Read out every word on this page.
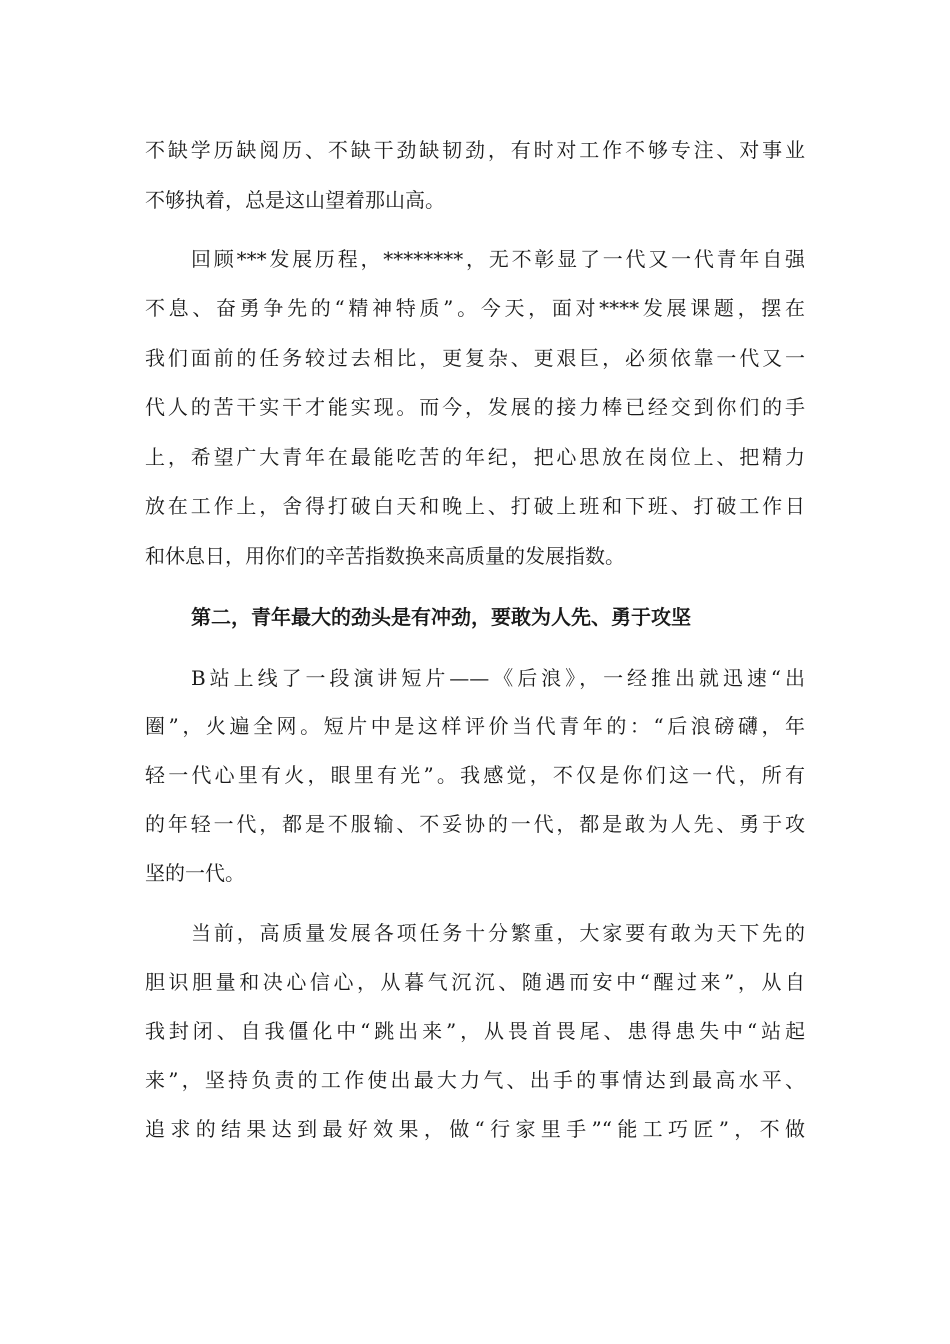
不缺学历缺阅历、不缺干劲缺韧劲，有时对工作不够专注、对事业
不够执着，总是这山望着那山高。
回顾***发展历程，********，无不彰显了一代又一代青年自强
不息、奋勇争先的“精神特质”。今天，面对****发展课题，摆在
我们面前的任务较过去相比，更复杂、更艰巨，必须依靠一代又一
代人的苦干实干才能实现。而今，发展的接力棒已经交到你们的手
上，希望广大青年在最能吃苦的年纪，把心思放在岗位上、把精力
放在工作上，舍得打破白天和晚上、打破上班和下班、打破工作日
和休息日，用你们的辛苦指数换来高质量的发展指数。
第二，青年最大的劲头是有冲劲，要敢为人先、勇于攻坚
B站上线了一段演讲短片——《后浪》，一经推出就迅速“出
圈”，火遍全网。短片中是这样评价当代青年的：“后浪磅礴，年
轻一代心里有火，眼里有光”。我感觉，不仅是你们这一代，所有
的年轻一代，都是不服输、不妥协的一代，都是敢为人先、勇于攻
坚的一代。
当前，高质量发展各项任务十分繁重，大家要有敢为天下先的
胆识胆量和决心信心，从暮气沉沉、随遇而安中“醒过来”，从自
我封闭、自我僵化中“跳出来”，从畏首畏尾、患得患失中“站起
来”，坚持负责的工作使出最大力气、出手的事情达到最高水平、
追求的结果达到最好效果，做“行家里手”“能工巧匠”，不做
